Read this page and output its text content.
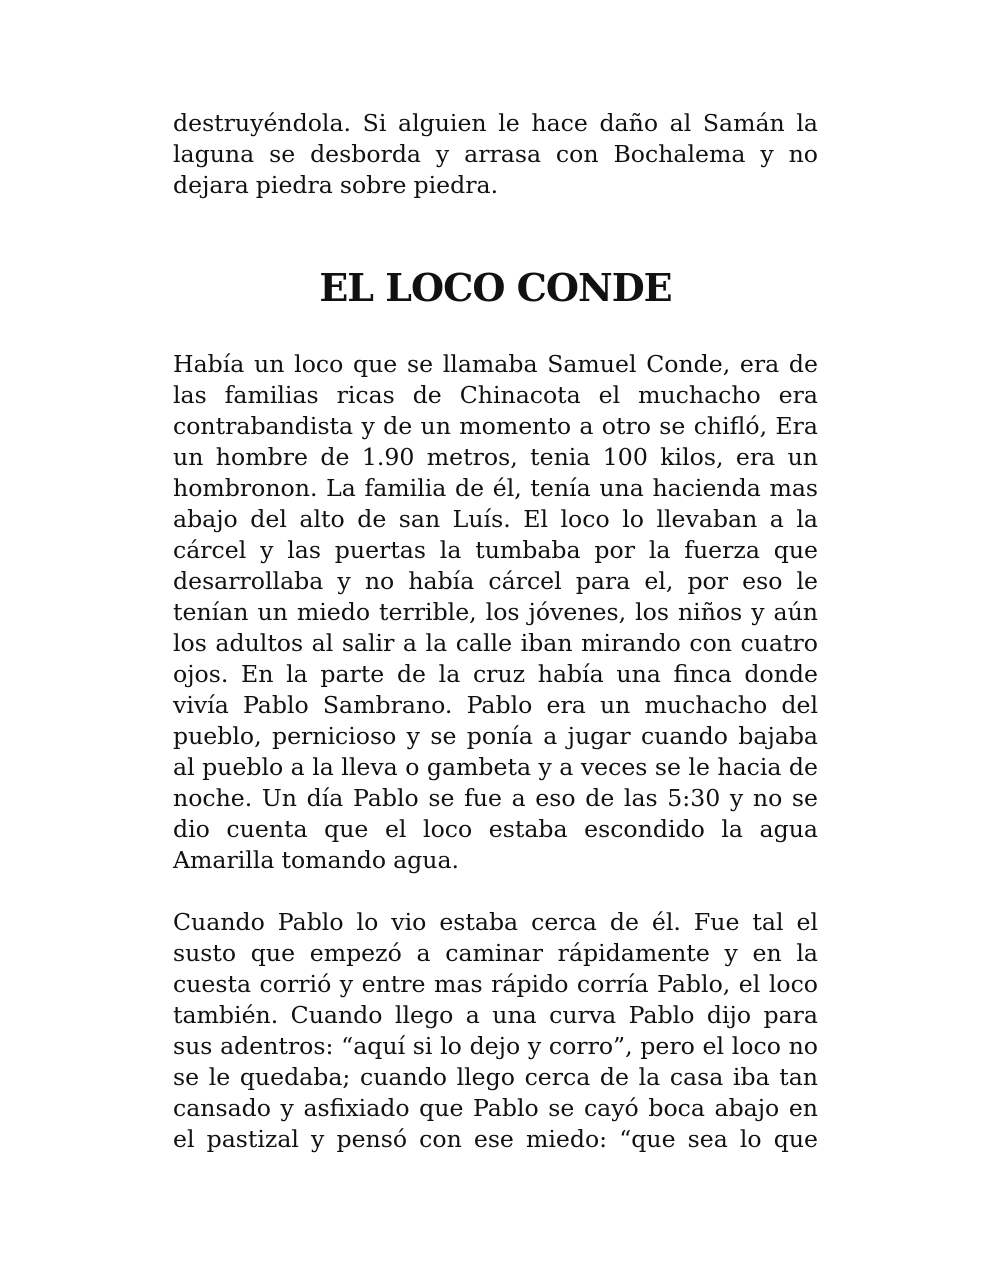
destruyéndola. Si alguien le hace daño al Samán la laguna se desborda y arrasa con Bochalema y no dejara piedra sobre piedra.

EL LOCO CONDE

Había un loco que se llamaba Samuel Conde, era de las familias ricas de Chinacota el muchacho era contrabandista y de un momento a otro se chifló, Era un hombre de 1.90 metros, tenia 100 kilos, era un hombronon. La familia de él, tenía una hacienda mas abajo del alto de san Luís. El loco lo llevaban a la cárcel y las puertas la tumbaba por la fuerza que desarrollaba y no había cárcel para el, por eso le tenían un miedo terrible, los jóvenes, los niños y aún los adultos al salir a la calle iban mirando con cuatro ojos. En la parte de la cruz había una finca donde vivía Pablo Sambrano. Pablo era un muchacho del pueblo, pernicioso y se ponía a jugar cuando bajaba al pueblo a la lleva o gambeta y a veces se le hacia de noche. Un día Pablo se fue a eso de las 5:30 y no se dio cuenta que el loco estaba escondido la agua Amarilla tomando agua.

Cuando Pablo lo vio estaba cerca de él. Fue tal el susto que empezó a caminar rápidamente y en la cuesta corrió y entre mas rápido corría Pablo, el loco también. Cuando llego a una curva Pablo dijo para sus adentros: “aquí si lo dejo y corro”, pero el loco no se le quedaba; cuando llego cerca de la casa iba tan cansado y asfixiado que Pablo se cayó boca abajo en el pastizal y pensó con ese miedo: “que sea lo que
